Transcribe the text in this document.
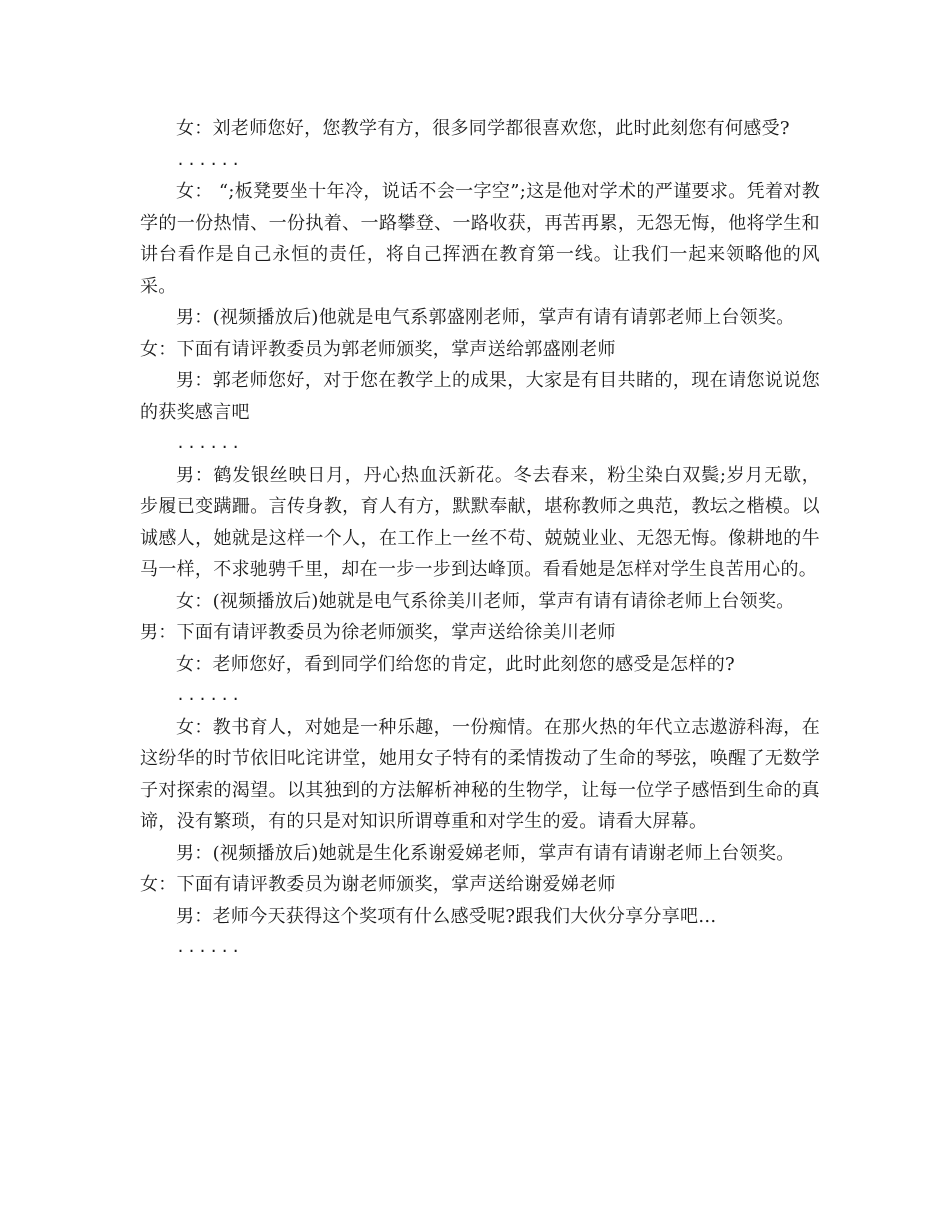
女：刘老师您好，您教学有方，很多同学都很喜欢您，此时此刻您有何感受?

......

女： “;板凳要坐十年冷，说话不会一字空”;这是他对学术的严谨要求。凭着对教学的一份热情、一份执着、一路攀登、一路收获，再苦再累，无怨无悔，他将学生和讲台看作是自己永恒的责任，将自己挥洒在教育第一线。让我们一起来领略他的风采。

男：(视频播放后)他就是电气系郭盛刚老师，掌声有请有请郭老师上台领奖。

女：下面有请评教委员为郭老师颁奖，掌声送给郭盛刚老师

男：郭老师您好，对于您在教学上的成果，大家是有目共睹的，现在请您说说您的获奖感言吧

......

男：鹤发银丝映日月，丹心热血沃新花。冬去春来，粉尘染白双鬓;岁月无歇，步履已变蹒跚。言传身教，育人有方，默默奉献，堪称教师之典范，教坛之楷模。以诚感人，她就是这样一个人，在工作上一丝不苟、兢兢业业、无怨无悔。像耕地的牛马一样，不求驰骋千里，却在一步一步到达峰顶。看看她是怎样对学生良苦用心的。

女：(视频播放后)她就是电气系徐美川老师，掌声有请有请徐老师上台领奖。

男：下面有请评教委员为徐老师颁奖，掌声送给徐美川老师

女：老师您好，看到同学们给您的肯定，此时此刻您的感受是怎样的?

......

女：教书育人，对她是一种乐趣，一份痴情。在那火热的年代立志遨游科海，在这纷华的时节依旧叱诧讲堂，她用女子特有的柔情拨动了生命的琴弦，唤醒了无数学子对探索的渴望。以其独到的方法解析神秘的生物学，让每一位学子感悟到生命的真谛，没有繁琐，有的只是对知识所谓尊重和对学生的爱。请看大屏幕。

男：(视频播放后)她就是生化系谢爱娣老师，掌声有请有请谢老师上台领奖。

女：下面有请评教委员为谢老师颁奖，掌声送给谢爱娣老师

男：老师今天获得这个奖项有什么感受呢?跟我们大伙分享分享吧...

......
